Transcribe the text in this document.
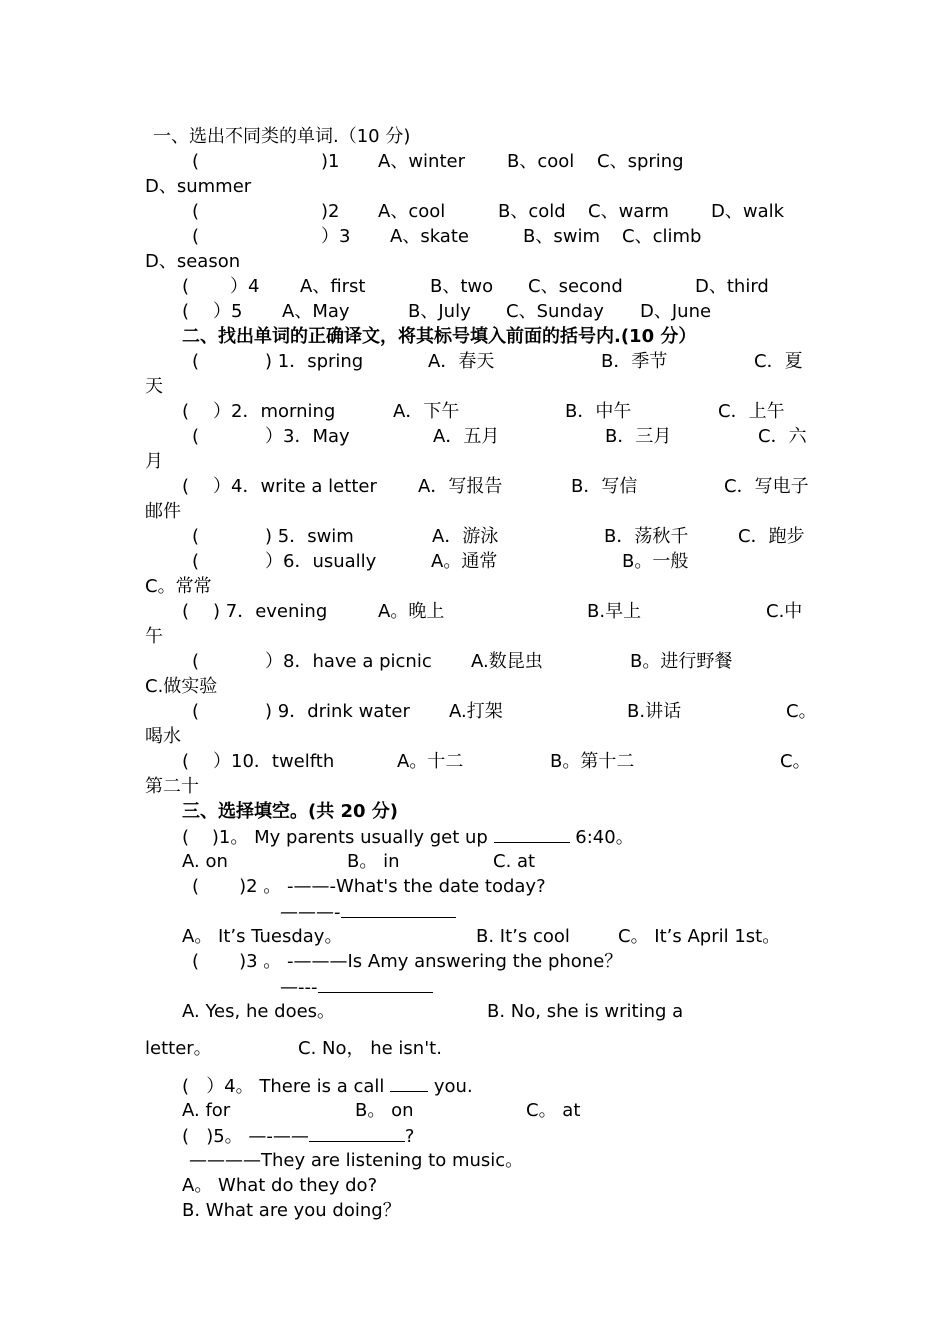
一、选出不同类的单词.（10 分)
(	)1 A、winter B、cool C、spring
D、summer
(	)2 A、cool	B、cold C、warm D、walk
(	）3 A、skate	B、swim C、climb
D、season
( ）4 A、first	B、two C、second	D、third
( ）5 A、May	B、July C、Sunday D、June
二、找出单词的正确译文，将其标号填入前面的括号内.(10 分）
(	) 1．spring	A．春天	B．季节	C．夏
天
( ）2．morning	A．下午	B．中午	C．上午
(	）3．May	A．五月	B．三月	C．六
月
( ）4．write a letter A．写报告	B．写信	C．写电子
邮件
(	) 5．swim	A．游泳	B．荡秋千	C．跑步
(	）6．usually	A。通常	B。一般
C。常常
( ) 7．evening	A。晚上	B.早上	C.中
午
(	）8．have a picnic A.数昆虫	B。进行野餐
C.做实验
(	) 9．drink water A.打架	B.讲话	C。
喝水
( ）10．twelfth	A。十二	B。第十二	C。
第二十
三、选择填空。(共 20 分)
(    )1。 My parents usually get up	6:40。
A. on	B。 in	C. at
(       )2 。 -——-What's the date today?
———-
A。 It’s Tuesday。	B. It’s cool	C。 It’s April 1st。
(       )3 。 -———Is Amy answering the phone？
—---
A. Yes, he does。	B. No, she is writing a
letter。	C. No， he isn't.
(   ）4。 There is a call  you.
A. for	B。 on	C。 at
(   )5。 —-——	?
————They are listening to music。
A。 What do they do?
B. What are you doing？
